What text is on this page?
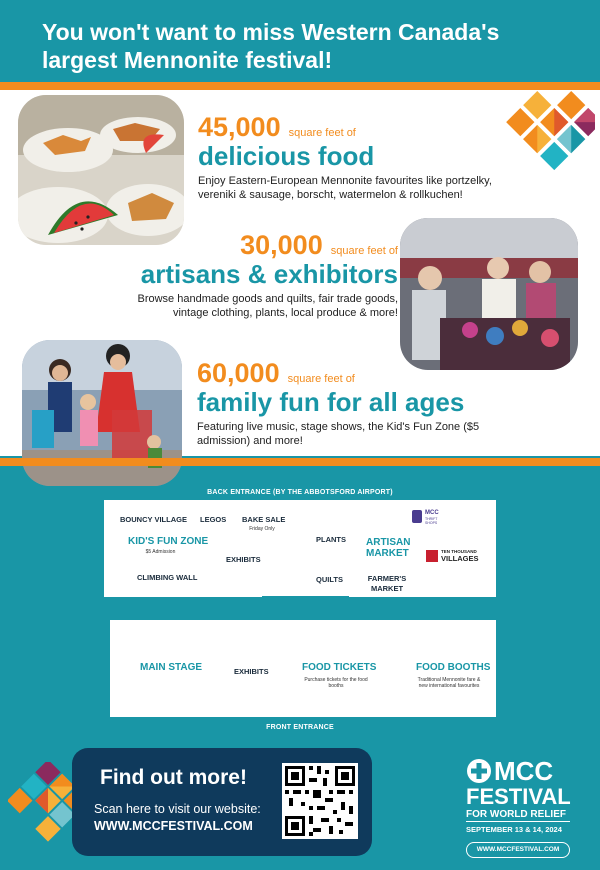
You won't want to miss Western Canada's largest Mennonite festival!
45,000 square feet of
delicious food
Enjoy Eastern-European Mennonite favourites like portzelky, vereniki & sausage, borscht, watermelon & rollkuchen!
30,000 square feet of
artisans & exhibitors
Browse handmade goods and quilts, fair trade goods, vintage clothing, plants, local produce & more!
60,000 square feet of
family fun for all ages
Featuring live music, stage shows, the Kid's Fun Zone ($5 admission) and more!
BACK ENTRANCE (BY THE ABBOTSFORD AIRPORT)
BOUNCY VILLAGE LEGOS BAKE SALE
Friday Only
KID'S FUN ZONE
$5 Admission
EXHIBITS
CLIMBING WALL
PLANTS
QUILTS
ARTISAN
MARKET
FARMER'S
MARKET
MCC
THRIFT
SHOPS
TEN THOUSAND
VILLAGES
MAIN STAGE	EXHIBITS	FOOD TICKETS
Purchase tickets for the food booths
FOOD BOOTHS
Traditional Mennonite fare & new international favourites
FRONT ENTRANCE
Find out more!
Scan here to visit our website:
WWW.MCCFESTIVAL.COM
MCC
FESTIVAL
FOR WORLD RELIEF
SEPTEMBER 13 & 14, 2024
WWW.MCCFESTIVAL.COM
